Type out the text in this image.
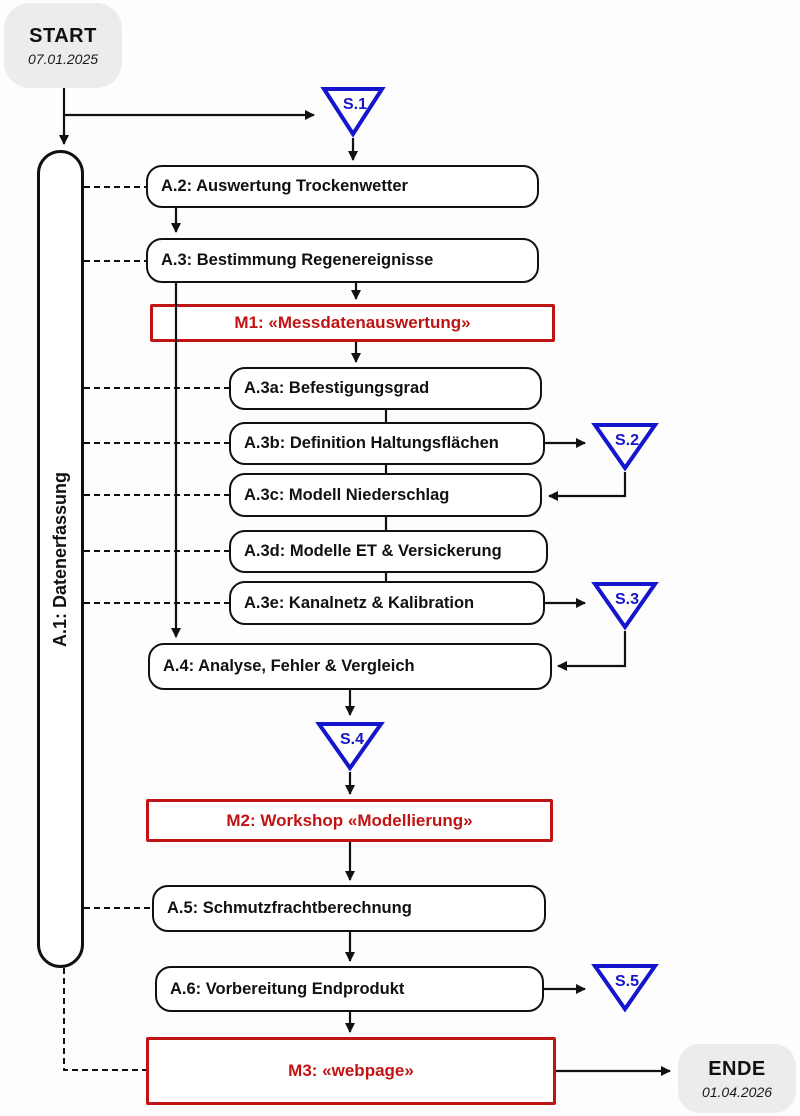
START
07.01.2025
ENDE
01.04.2026
A.1: Datenerfassung
A.2: Auswertung Trockenwetter
A.3: Bestimmung Regenereignisse
A.3a: Befestigungsgrad
A.3b: Definition Haltungsflächen
A.3c: Modell Niederschlag
A.3d: Modelle ET & Versickerung
A.3e: Kanalnetz & Kalibration
A.4: Analyse, Fehler & Vergleich
A.5: Schmutzfrachtberechnung
A.6: Vorbereitung Endprodukt
M1: «Messdatenauswertung»
M2: Workshop «Modellierung»
M3: «webpage»
S.1
S.2
S.3
S.4
S.5
